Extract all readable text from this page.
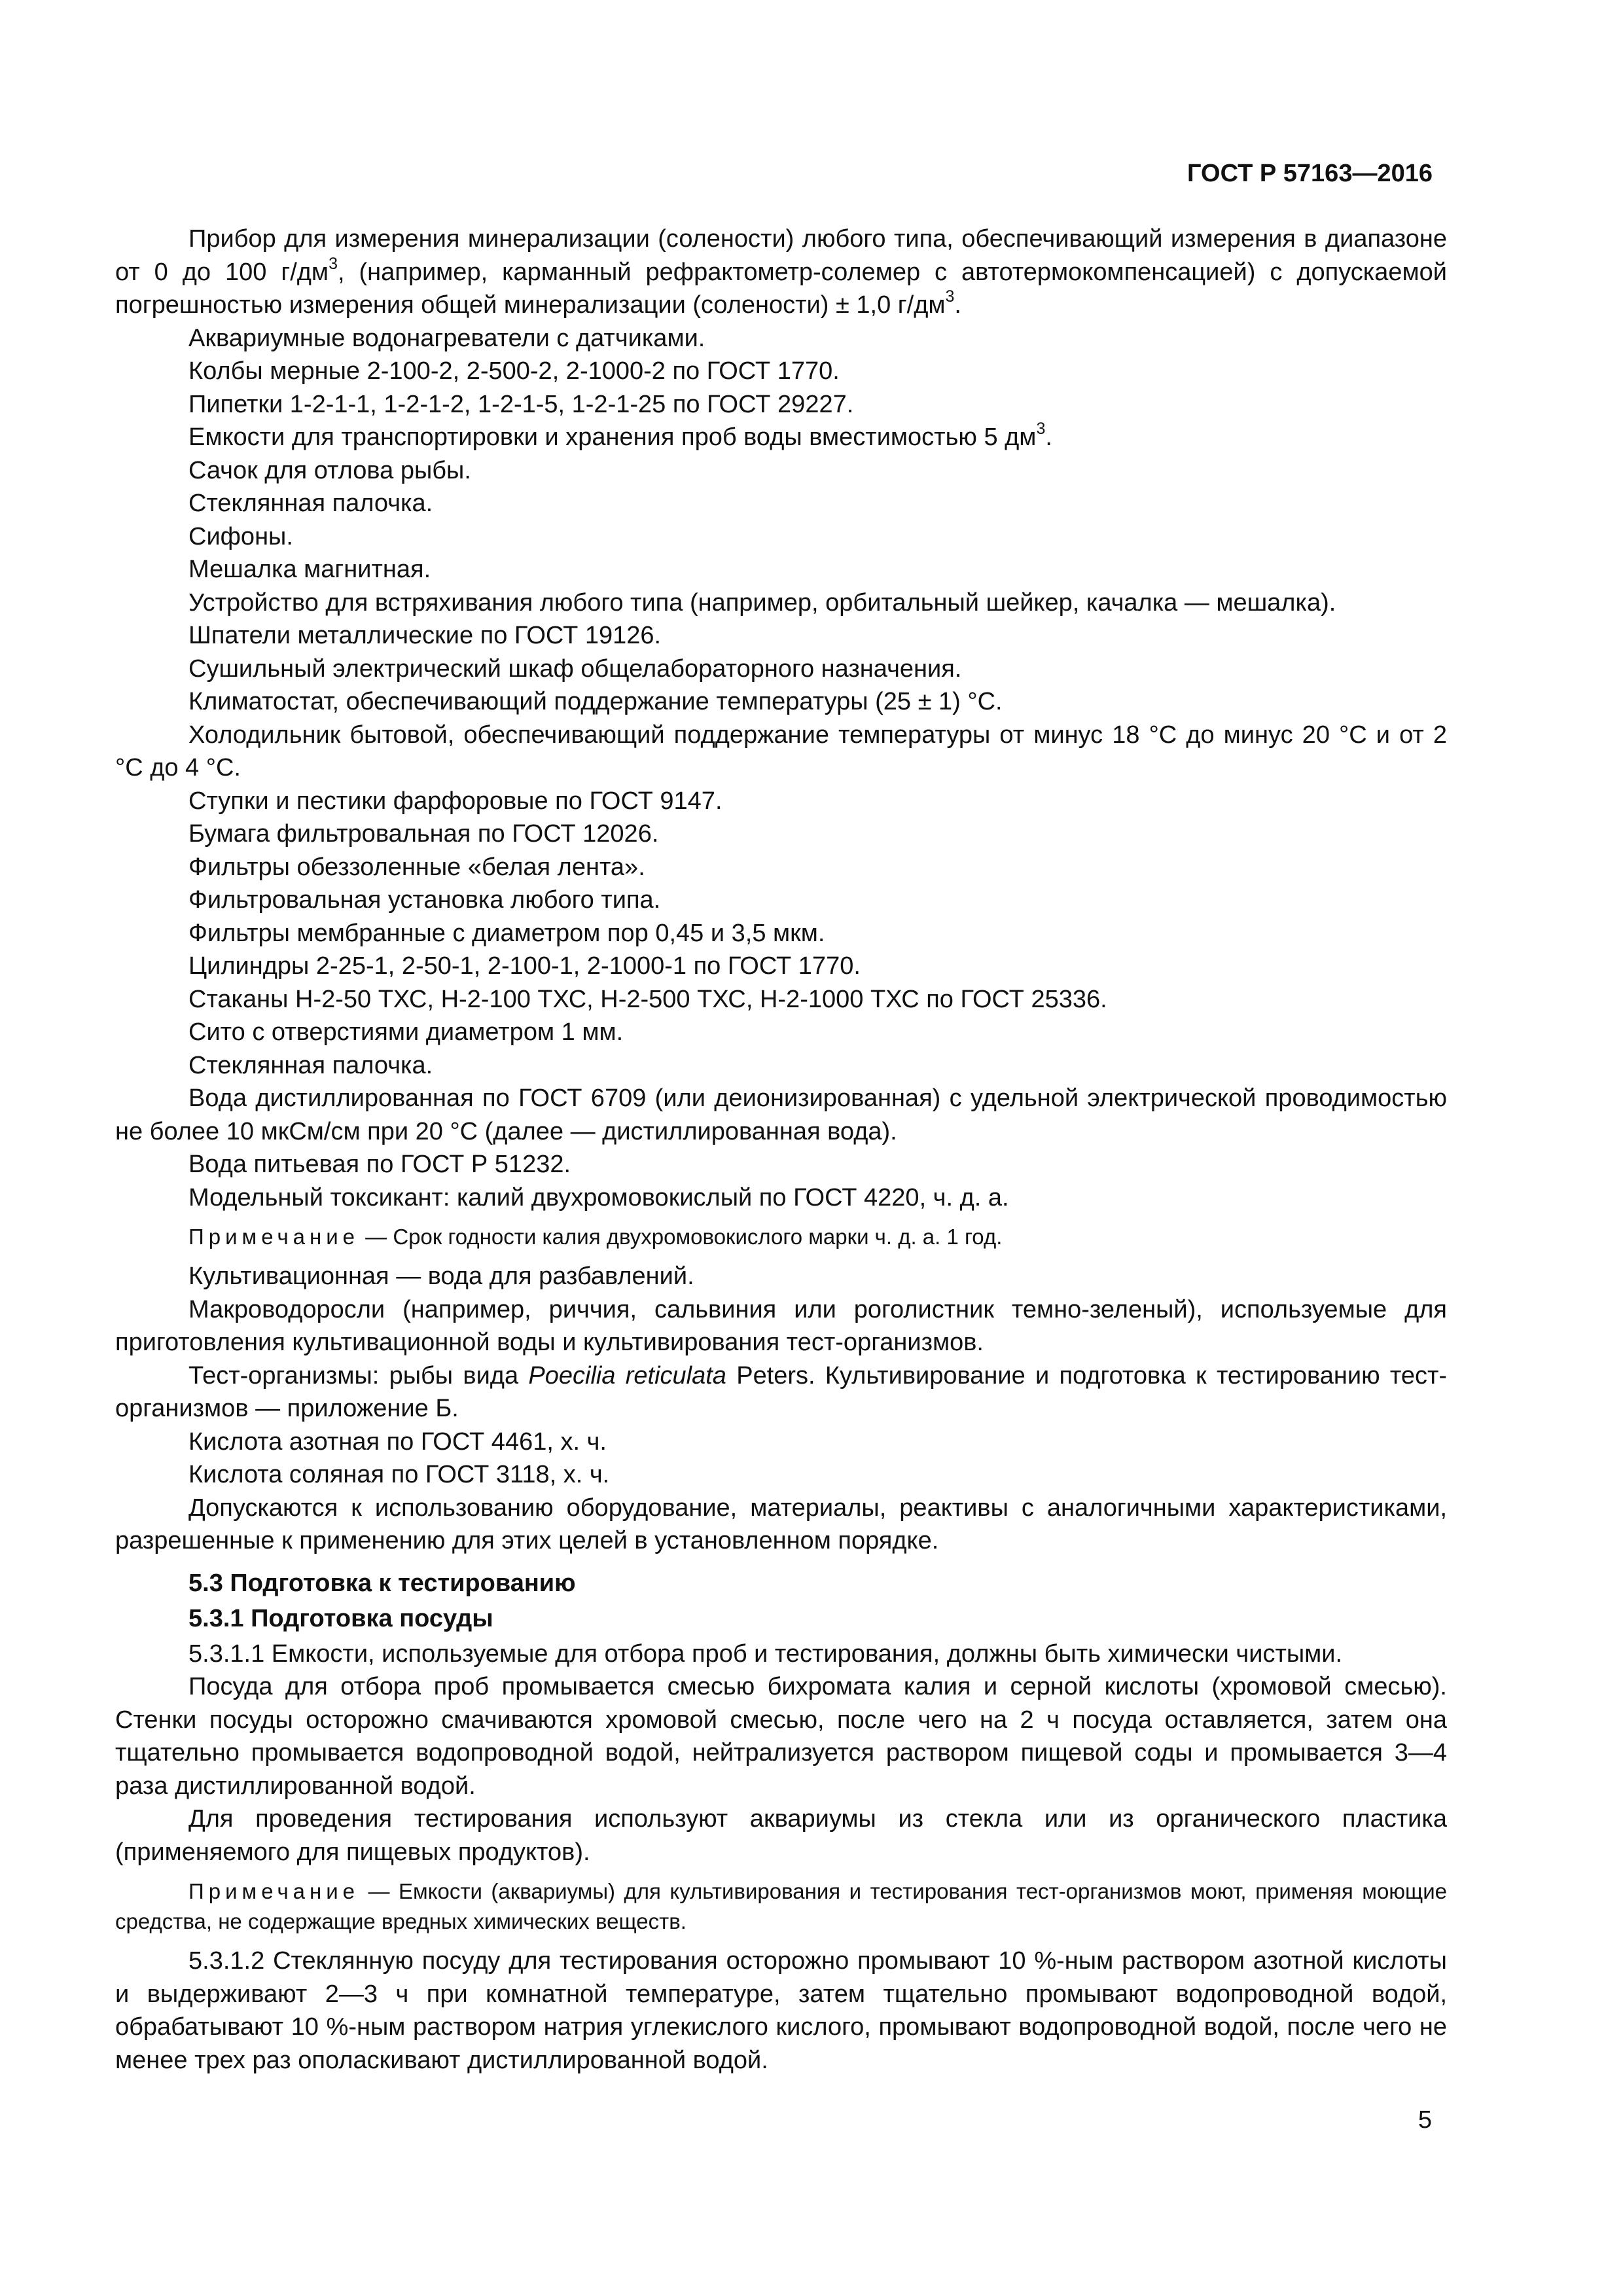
ГОСТ Р 57163—2016

Прибор для измерения минерализации (солености) любого типа, обеспечивающий измерения в диапазоне от 0 до 100 $г/дм^3$, (например, карманный рефрактометр-солемер с автотермокомпенсацией) с допускаемой погрешностью измерения общей минерализации (солености) ± 1,0 $г/дм^3$.

Аквариумные водонагреватели с датчиками.

Колбы мерные 2-100-2, 2-500-2, 2-1000-2 по ГОСТ 1770.

Пипетки 1-2-1-1, 1-2-1-2, 1-2-1-5, 1-2-1-25 по ГОСТ 29227.

Емкости для транспортировки и хранения проб воды вместимостью 5 $дм^3$.

Сачок для отлова рыбы.

Стеклянная палочка.

Сифоны.

Мешалка магнитная.

Устройство для встряхивания любого типа (например, орбитальный шейкер, качалка — мешалка).

Шпатели металлические по ГОСТ 19126.

Сушильный электрический шкаф общелабораторного назначения.

Климатостат, обеспечивающий поддержание температуры (25 ± 1) °С.

Холодильник бытовой, обеспечивающий поддержание температуры от минус 18 °С до минус 20 °С и от 2 °С до 4 °С.

Ступки и пестики фарфоровые по ГОСТ 9147.

Бумага фильтровальная по ГОСТ 12026.

Фильтры обеззоленные «белая лента».

Фильтровальная установка любого типа.

Фильтры мембранные с диаметром пор 0,45 и 3,5 мкм.

Цилиндры 2-25-1, 2-50-1, 2-100-1, 2-1000-1 по ГОСТ 1770.

Стаканы Н-2-50 ТХС, Н-2-100 ТХС, Н-2-500 ТХС, Н-2-1000 ТХС по ГОСТ 25336.

Сито с отверстиями диаметром 1 мм.

Стеклянная палочка.

Вода дистиллированная по ГОСТ 6709 (или деионизированная) с удельной электрической проводимостью не более 10 мкСм/см при 20 °С (далее — дистиллированная вода).

Вода питьевая по ГОСТ Р 51232.

Модельный токсикант: калий двухромовокислый по ГОСТ 4220, ч. д. а.

Примечание — Срок годности калия двухромовокислого марки ч. д. а. 1 год.

Культивационная — вода для разбавлений.

Макроводоросли (например, риччия, сальвиния или роголистник темно-зеленый), используемые для приготовления культивационной воды и культивирования тест-организмов.

Тест-организмы: рыбы вида Poecilia reticulata Peters. Культивирование и подготовка к тестированию тест-организмов — приложение Б.

Кислота азотная по ГОСТ 4461, х. ч.

Кислота соляная по ГОСТ 3118, х. ч.

Допускаются к использованию оборудование, материалы, реактивы с аналогичными характеристиками, разрешенные к применению для этих целей в установленном порядке.

5.3 Подготовка к тестированию
5.3.1 Подготовка посуды

5.3.1.1 Емкости, используемые для отбора проб и тестирования, должны быть химически чистыми.

Посуда для отбора проб промывается смесью бихромата калия и серной кислоты (хромовой смесью). Стенки посуды осторожно смачиваются хромовой смесью, после чего на 2 ч посуда оставляется, затем она тщательно промывается водопроводной водой, нейтрализуется раствором пищевой соды и промывается 3—4 раза дистиллированной водой.

Для проведения тестирования используют аквариумы из стекла или из органического пластика (применяемого для пищевых продуктов).

Примечание — Емкости (аквариумы) для культивирования и тестирования тест-организмов моют, применяя моющие средства, не содержащие вредных химических веществ.

5.3.1.2 Стеклянную посуду для тестирования осторожно промывают 10 %-ным раствором азотной кислоты и выдерживают 2—3 ч при комнатной температуре, затем тщательно промывают водопроводной водой, обрабатывают 10 %-ным раствором натрия углекислого кислого, промывают водопроводной водой, после чего не менее трех раз ополаскивают дистиллированной водой.

5
